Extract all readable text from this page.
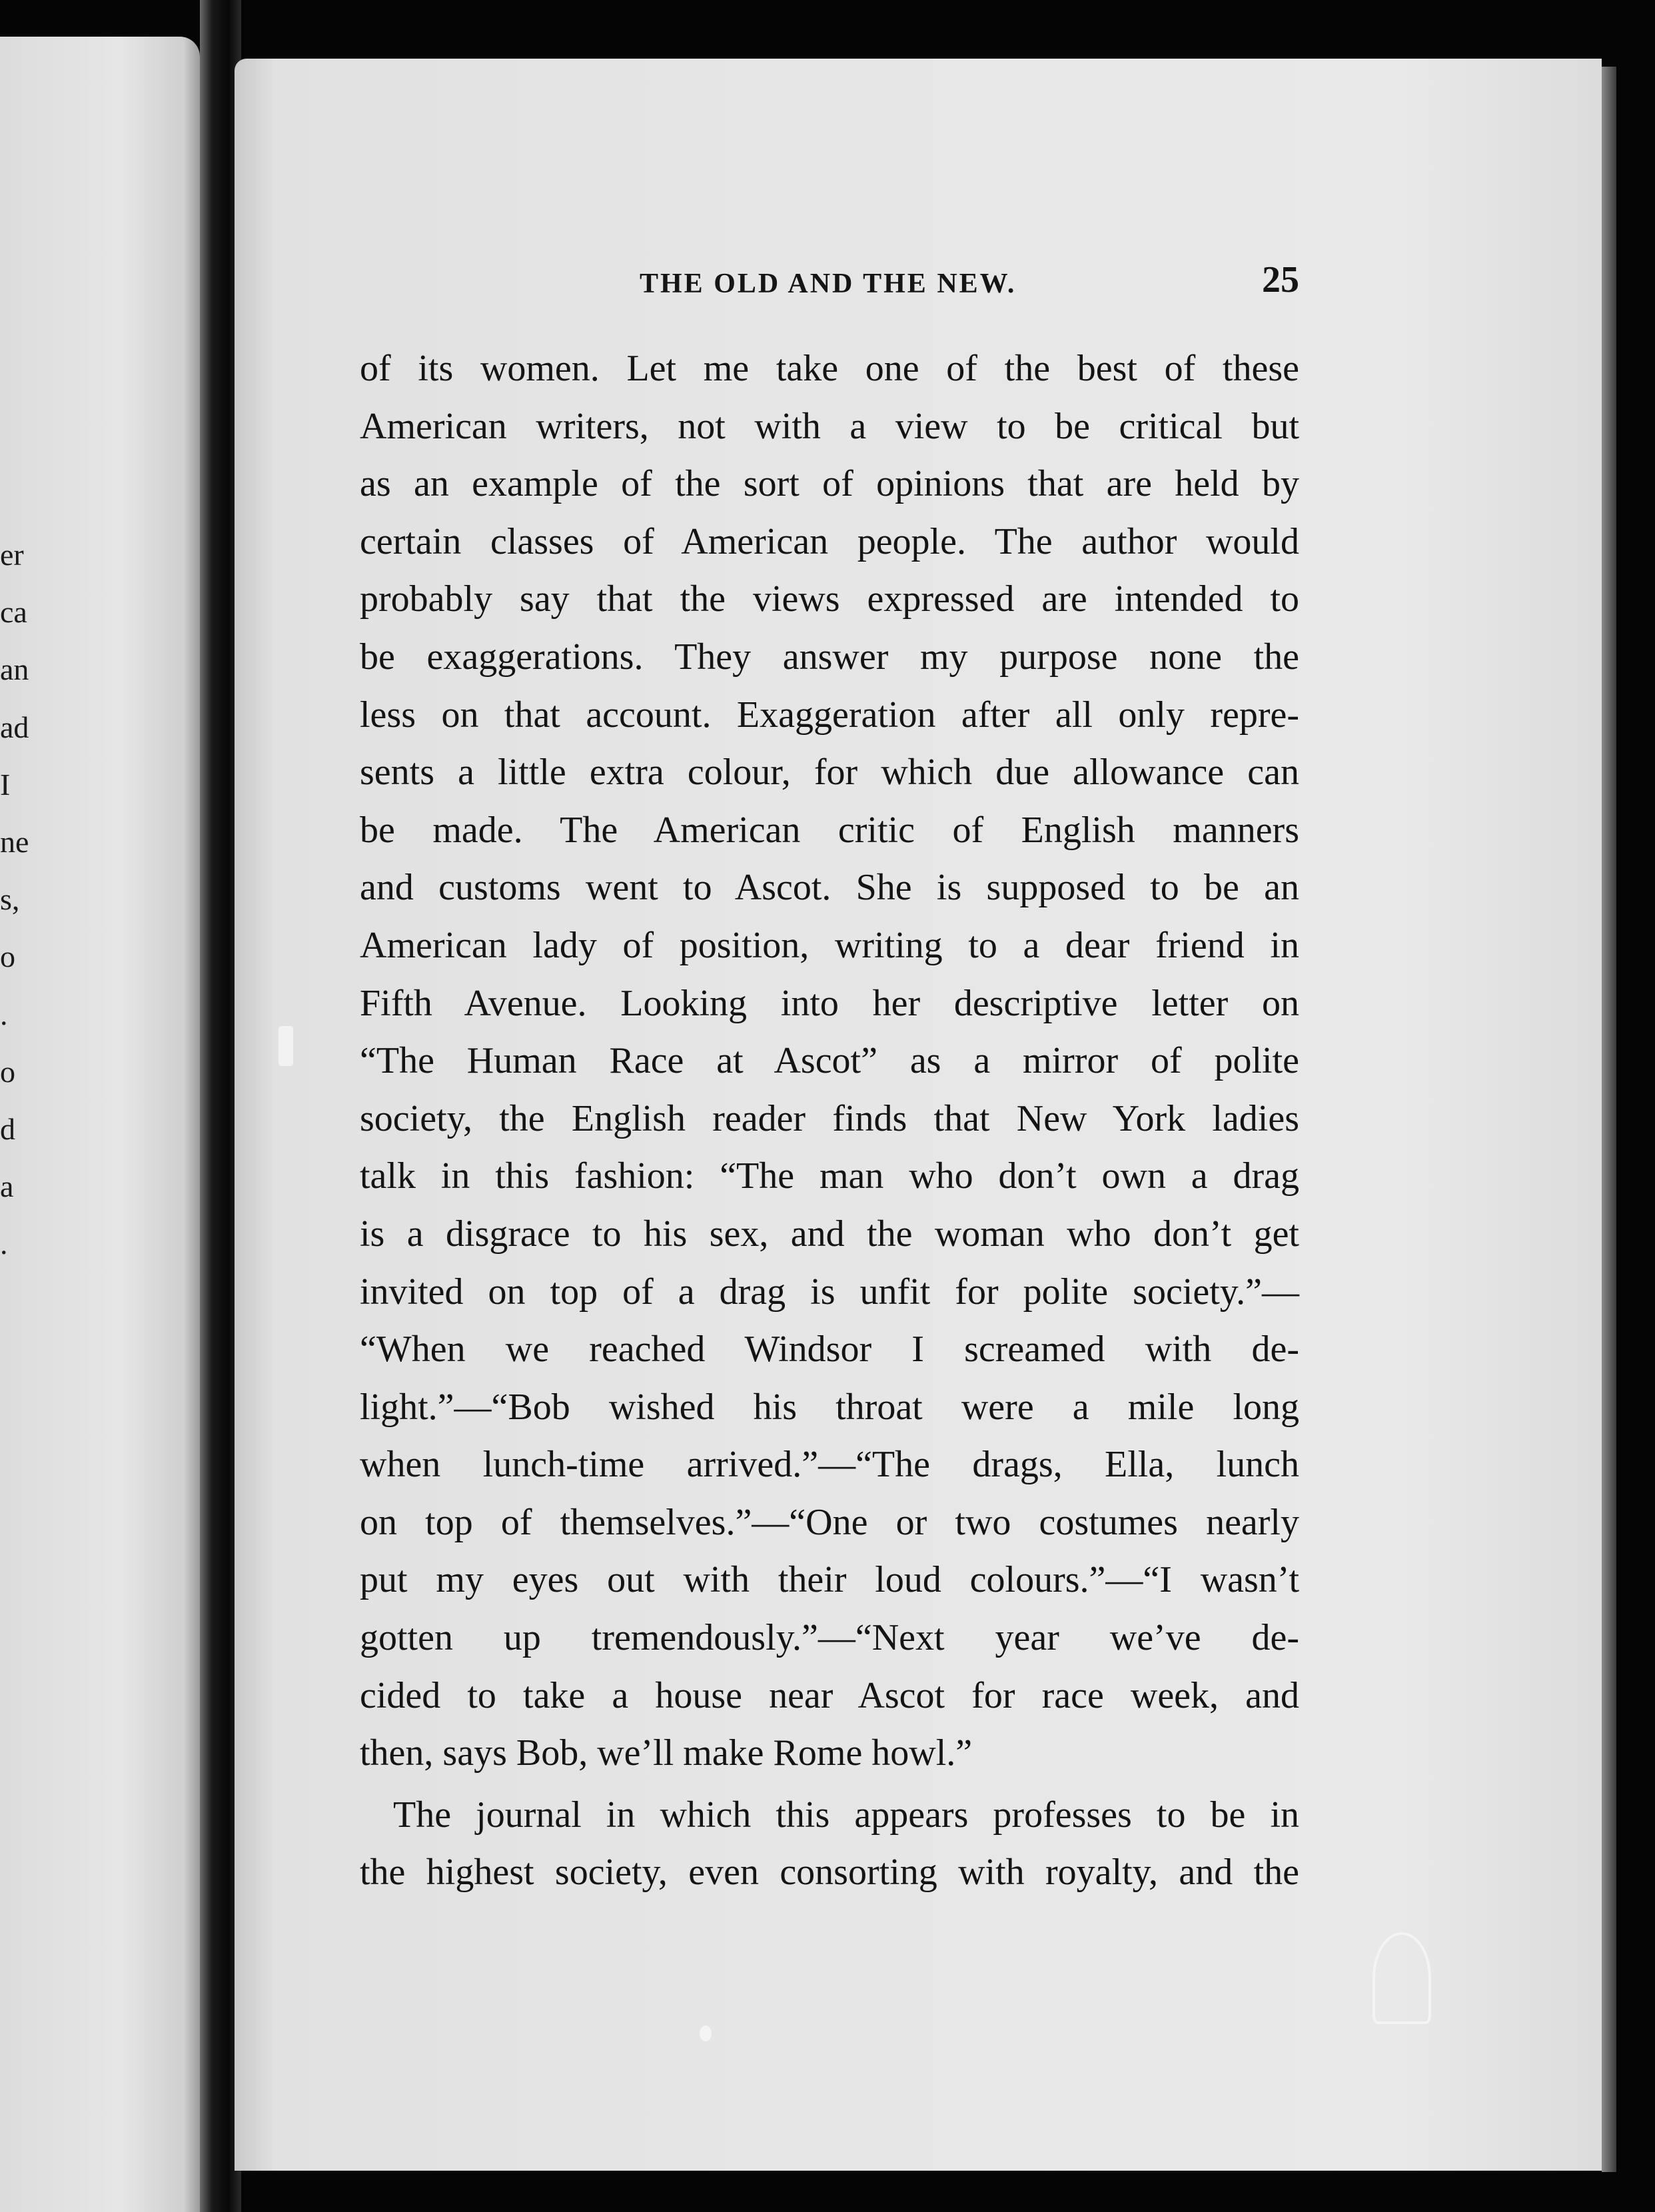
er
ca
an
ad
I
ne
s,
o
.
o
d
a
.
THE OLD AND THE NEW.	25
of its women. Let me take one of the best of these
American writers, not with a view to be critical but
as an example of the sort of opinions that are held by
certain classes of American people. The author would
probably say that the views expressed are intended to
be exaggerations. They answer my purpose none the
less on that account. Exaggeration after all only repre-
sents a little extra colour, for which due allowance can
be made. The American critic of English manners
and customs went to Ascot. She is supposed to be an
American lady of position, writing to a dear friend in
Fifth Avenue. Looking into her descriptive letter on
“The Human Race at Ascot” as a mirror of polite
society, the English reader finds that New York ladies
talk in this fashion: “The man who don’t own a drag
is a disgrace to his sex, and the woman who don’t get
invited on top of a drag is unfit for polite society.”—
“When we reached Windsor I screamed with de-
light.”—“Bob wished his throat were a mile long
when lunch-time arrived.”—“The drags, Ella, lunch
on top of themselves.”—“One or two costumes nearly
put my eyes out with their loud colours.”—“I wasn’t
gotten up tremendously.”—“Next year we’ve de-
cided to take a house near Ascot for race week, and
then, says Bob, we’ll make Rome howl.”
The journal in which this appears professes to be in
the highest society, even consorting with royalty, and the
